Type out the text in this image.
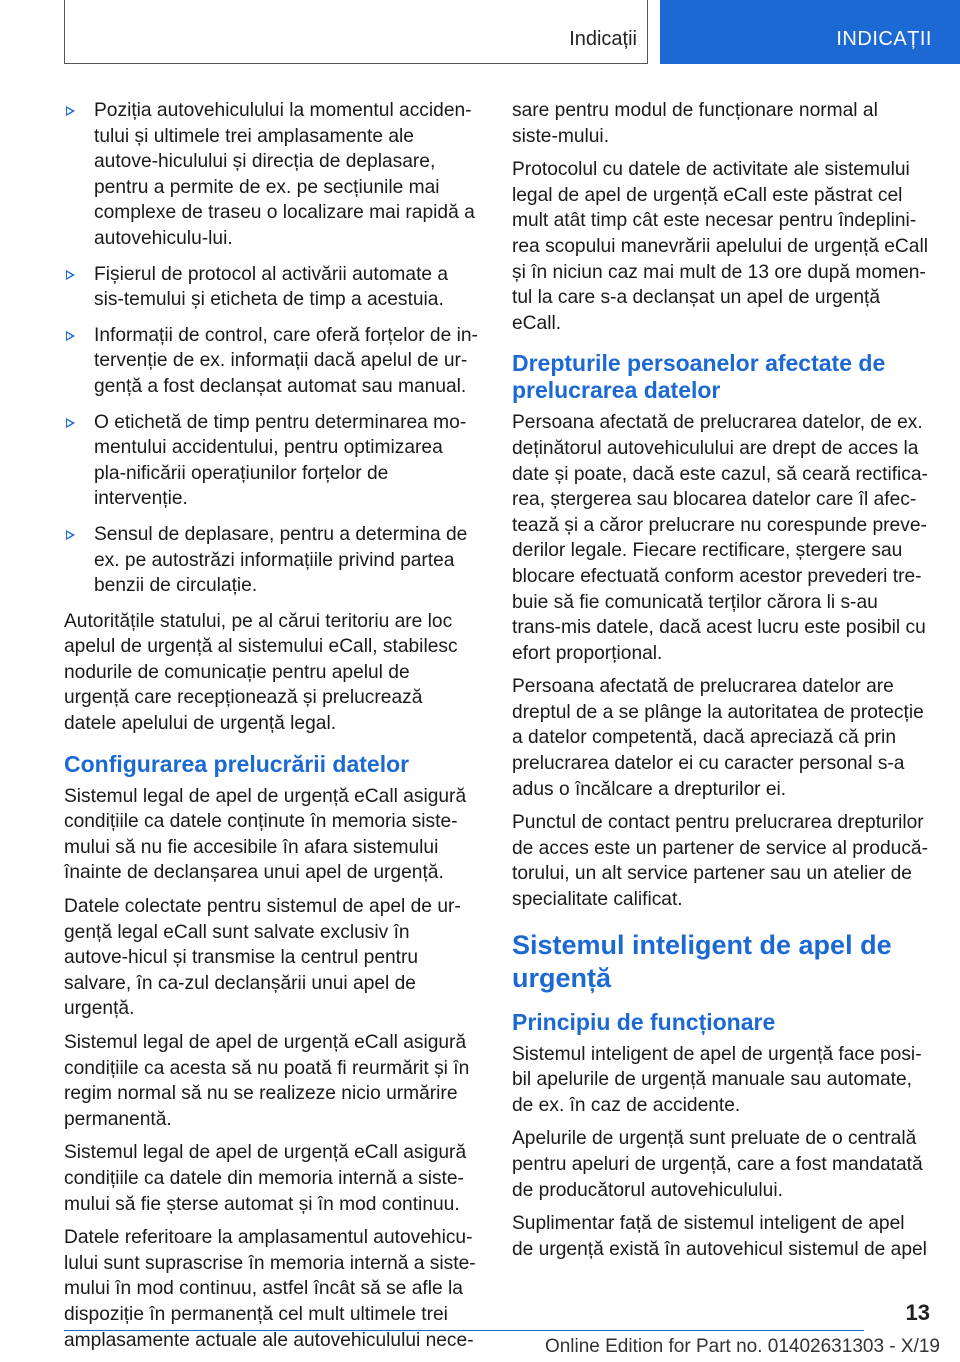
Indicații	INDICAȚII
Poziția autovehiculului la momentul acciden-tului și ultimele trei amplasamente ale autove-hiculului și direcția de deplasare, pentru a permite de ex. pe secțiunile mai complexe de traseu o localizare mai rapidă a autovehiculu-lui.
Fișierul de protocol al activării automate a sis-temului și eticheta de timp a acestuia.
Informații de control, care oferă forțelor de in-tervenție de ex. informații dacă apelul de ur-gență a fost declanșat automat sau manual.
O etichetă de timp pentru determinarea mo-mentului accidentului, pentru optimizarea pla-nificării operațiunilor forțelor de intervenție.
Sensul de deplasare, pentru a determina de ex. pe autostrăzi informațiile privind partea benzii de circulație.

Autoritățile statului, pe al cărui teritoriu are loc apelul de urgență al sistemului eCall, stabilesc nodurile de comunicație pentru apelul de urgență care recepționează și prelucrează datele apelului de urgență legal.

Configurarea prelucrării datelor

Sistemul legal de apel de urgență eCall asigură condițiile ca datele conținute în memoria siste-mului să nu fie accesibile în afara sistemului înainte de declanșarea unui apel de urgență.

Datele colectate pentru sistemul de apel de ur-gență legal eCall sunt salvate exclusiv în autove-hicul și transmise la centrul pentru salvare, în ca-zul declanșării unui apel de urgență.

Sistemul legal de apel de urgență eCall asigură condițiile ca acesta să nu poată fi reurmărit și în regim normal să nu se realizeze nicio urmărire permanentă.

Sistemul legal de apel de urgență eCall asigură condițiile ca datele din memoria internă a siste-mului să fie șterse automat și în mod continuu.

Datele referitoare la amplasamentul autovehicu-lului sunt suprascrise în memoria internă a siste-mului în mod continuu, astfel încât să se afle la dispoziție în permanență cel mult ultimele trei amplasamente actuale ale autovehiculului nece-

sare pentru modul de funcționare normal al siste-mului.

Protocolul cu datele de activitate ale sistemului legal de apel de urgență eCall este păstrat cel mult atât timp cât este necesar pentru îndeplini-rea scopului manevrării apelului de urgență eCall și în niciun caz mai mult de 13 ore după momen-tul la care s-a declanșat un apel de urgență eCall.

Drepturile persoanelor afectate de prelucrarea datelor

Persoana afectată de prelucrarea datelor, de ex. deținătorul autovehiculului are drept de acces la date și poate, dacă este cazul, să ceară rectifica-rea, ștergerea sau blocarea datelor care îl afec-tează și a căror prelucrare nu corespunde preve-derilor legale. Fiecare rectificare, ștergere sau blocare efectuată conform acestor prevederi tre-buie să fie comunicată terților cărora li s-au trans-mis datele, dacă acest lucru este posibil cu efort proporțional.

Persoana afectată de prelucrarea datelor are dreptul de a se plânge la autoritatea de protecție a datelor competentă, dacă apreciază că prin prelucrarea datelor ei cu caracter personal s-a adus o încălcare a drepturilor ei.

Punctul de contact pentru prelucrarea drepturilor de acces este un partener de service al producă-torului, un alt service partener sau un atelier de specialitate calificat.

Sistemul inteligent de apel de urgență
Principiu de funcționare

Sistemul inteligent de apel de urgență face posi-bil apelurile de urgență manuale sau automate, de ex. în caz de accidente.

Apelurile de urgență sunt preluate de o centrală pentru apeluri de urgență, care a fost mandatată de producătorul autovehiculului.

Suplimentar față de sistemul inteligent de apel de urgență există în autovehicul sistemul de apel

13
Online Edition for Part no. 01402631303 - X/19
